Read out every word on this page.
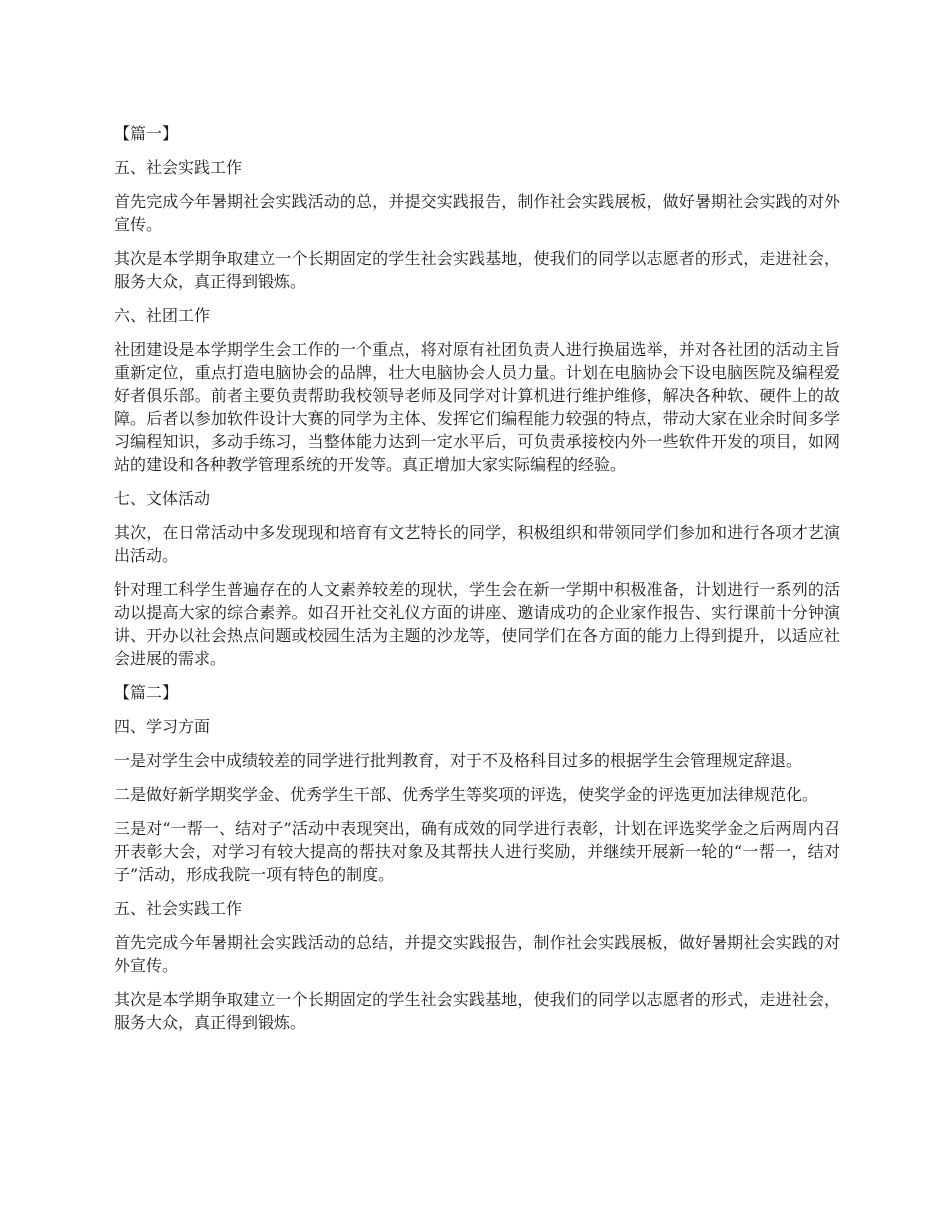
【篇一】

五、社会实践工作

首先完成今年暑期社会实践活动的总，并提交实践报告，制作社会实践展板，做好暑期社会实践的对外宣传。

其次是本学期争取建立一个长期固定的学生社会实践基地，使我们的同学以志愿者的形式，走进社会，服务大众，真正得到锻炼。

六、社团工作

社团建设是本学期学生会工作的一个重点，将对原有社团负责人进行换届选举，并对各社团的活动主旨重新定位，重点打造电脑协会的品牌，壮大电脑协会人员力量。计划在电脑协会下设电脑医院及编程爱好者俱乐部。前者主要负责帮助我校领导老师及同学对计算机进行维护维修，解决各种软、硬件上的故障。后者以参加软件设计大赛的同学为主体、发挥它们编程能力较强的特点，带动大家在业余时间多学习编程知识，多动手练习，当整体能力达到一定水平后，可负责承接校内外一些软件开发的项目，如网站的建设和各种教学管理系统的开发等。真正增加大家实际编程的经验。

七、文体活动

其次，在日常活动中多发现现和培育有文艺特长的同学，积极组织和带领同学们参加和进行各项才艺演出活动。

针对理工科学生普遍存在的人文素养较差的现状，学生会在新一学期中积极准备，计划进行一系列的活动以提高大家的综合素养。如召开社交礼仪方面的讲座、邀请成功的企业家作报告、实行课前十分钟演讲、开办以社会热点问题或校园生活为主题的沙龙等，使同学们在各方面的能力上得到提升，以适应社会进展的需求。

【篇二】

四、学习方面

一是对学生会中成绩较差的同学进行批判教育，对于不及格科目过多的根据学生会管理规定辞退。

二是做好新学期奖学金、优秀学生干部、优秀学生等奖项的评选，使奖学金的评选更加法律规范化。

三是对“一帮一、结对子”活动中表现突出，确有成效的同学进行表彰，计划在评选奖学金之后两周内召开表彰大会，对学习有较大提高的帮扶对象及其帮扶人进行奖励，并继续开展新一轮的“一帮一，结对子”活动，形成我院一项有特色的制度。

五、社会实践工作

首先完成今年暑期社会实践活动的总结，并提交实践报告，制作社会实践展板，做好暑期社会实践的对外宣传。

其次是本学期争取建立一个长期固定的学生社会实践基地，使我们的同学以志愿者的形式，走进社会，服务大众，真正得到锻炼。
